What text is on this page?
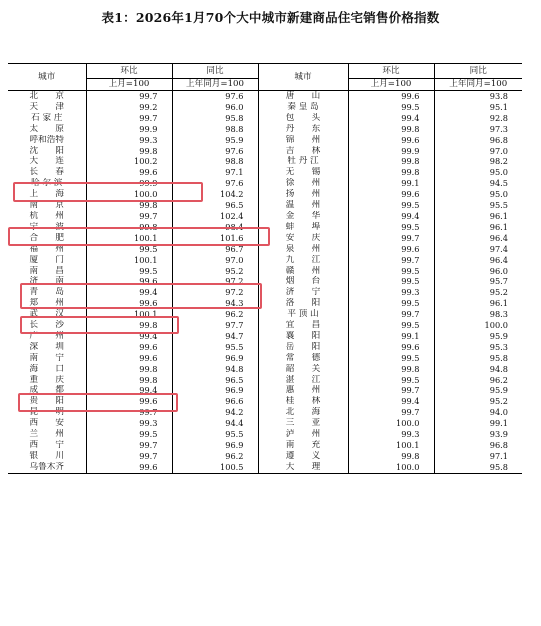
表1：2026年1月70个大中城市新建商品住宅销售价格指数
城市	环比	同比	城市	环比	同比
	上月=100	上年同月=100		上月=100	上年同月=100
北　　京	99.7	97.6	唐　　山	99.6	93.8
天　　津	99.2	96.0	秦 皇 岛	99.5	95.1
石 家 庄	99.7	95.8	包　　头	99.4	92.8
太　　原	99.9	98.8	丹　　东	99.8	97.3
呼和浩特	99.3	95.9	锦　　州	99.6	96.8
沈　　阳	99.8	97.6	吉　　林	99.9	97.0
大　　连	100.2	98.8	牡 丹 江	99.8	98.2
长　　春	99.6	97.1	无　　锡	99.8	95.0
哈 尔 滨	99.9	97.6	徐　　州	99.1	94.5
上　　海	100.0	104.2	扬　　州	99.6	95.0
南　　京	99.8	96.5	温　　州	99.5	95.5
杭　　州	99.7	102.4	金　　华	99.4	96.1
宁　　波	99.8	98.4	蚌　　埠	99.5	96.1
合　　肥	100.1	101.6	安　　庆	99.7	96.4
福　　州	99.5	96.7	泉　　州	99.6	97.4
厦　　门	100.1	97.0	九　　江	99.7	96.4
南　　昌	99.5	95.2	赣　　州	99.5	96.0
济　　南	99.6	97.2	烟　　台	99.5	95.7
青　　岛	99.4	97.2	济　　宁	99.3	95.2
郑　　州	99.6	94.3	洛　　阳	99.5	96.1
武　　汉	100.1	96.2	平 顶 山	99.7	98.3
长　　沙	99.8	97.7	宜　　昌	99.5	100.0
广　　州	99.4	94.7	襄　　阳	99.1	95.9
深　　圳	99.6	95.5	岳　　阳	99.6	95.3
南　　宁	99.6	96.9	常　　德	99.5	95.8
海　　口	99.8	94.8	韶　　关	99.8	94.8
重　　庆	99.8	96.5	湛　　江	99.5	96.2
成　　都	99.4	96.9	惠　　州	99.7	95.9
贵　　阳	99.6	96.6	桂　　林	99.4	95.2
昆　　明	99.7	94.2	北　　海	99.7	94.0
西　　安	99.3	94.4	三　　亚	100.0	99.1
兰　　州	99.5	95.5	泸　　州	99.3	93.9
西　　宁	99.7	96.9	南　　充	100.1	96.8
银　　川	99.7	96.2	遵　　义	99.8	97.1
乌鲁木齐	99.6	100.5	大　　理	100.0	95.8
